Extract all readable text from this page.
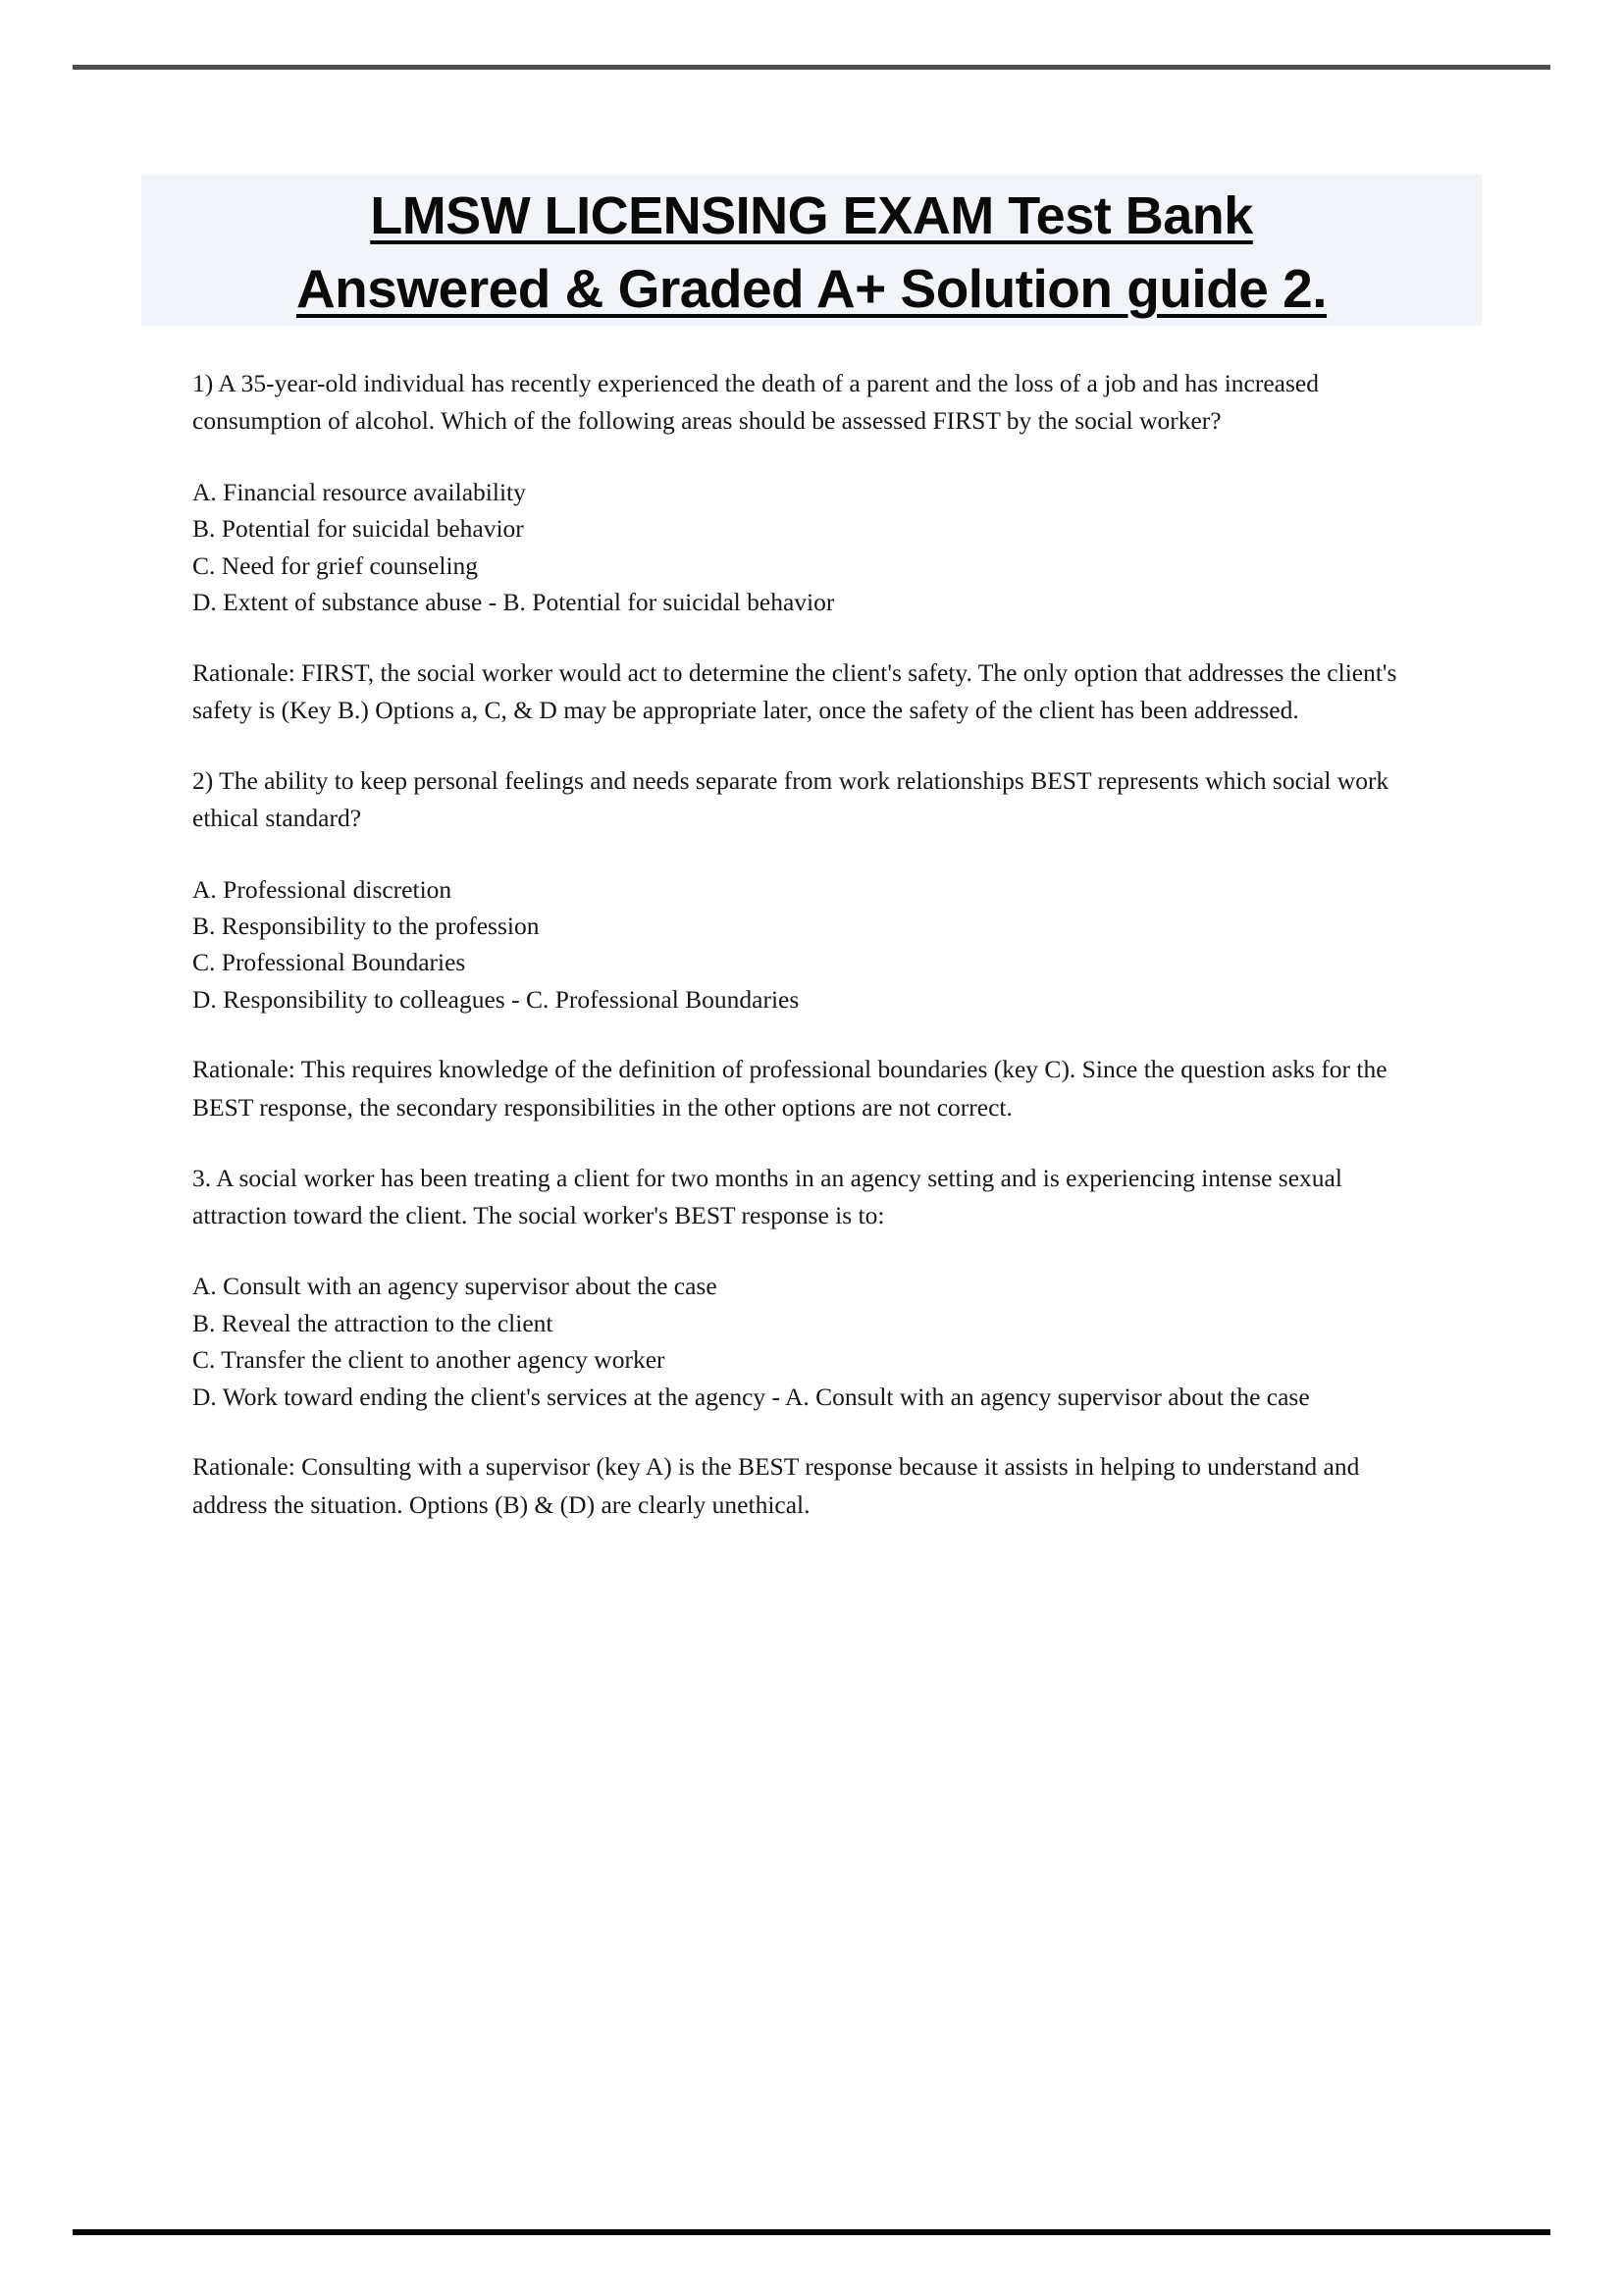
LMSW LICENSING EXAM Test Bank
Answered & Graded A+ Solution guide 2.

1) A 35-year-old individual has recently experienced the death of a parent and the loss of a job and has increased consumption of alcohol. Which of the following areas should be assessed FIRST by the social worker?

A. Financial resource availability

B. Potential for suicidal behavior

C. Need for grief counseling

D. Extent of substance abuse - B. Potential for suicidal behavior

Rationale: FIRST, the social worker would act to determine the client's safety. The only option that addresses the client's safety is (Key B.) Options a, C, & D may be appropriate later, once the safety of the client has been addressed.

2) The ability to keep personal feelings and needs separate from work relationships BEST represents which social work ethical standard?

A. Professional discretion

B. Responsibility to the profession

C. Professional Boundaries

D. Responsibility to colleagues - C. Professional Boundaries

Rationale: This requires knowledge of the definition of professional boundaries (key C). Since the question asks for the BEST response, the secondary responsibilities in the other options are not correct.

3. A social worker has been treating a client for two months in an agency setting and is experiencing intense sexual attraction toward the client. The social worker's BEST response is to:

A. Consult with an agency supervisor about the case

B. Reveal the attraction to the client

C. Transfer the client to another agency worker

D. Work toward ending the client's services at the agency - A. Consult with an agency supervisor about the case

Rationale: Consulting with a supervisor (key A) is the BEST response because it assists in helping to understand and address the situation. Options (B) & (D) are clearly unethical.
